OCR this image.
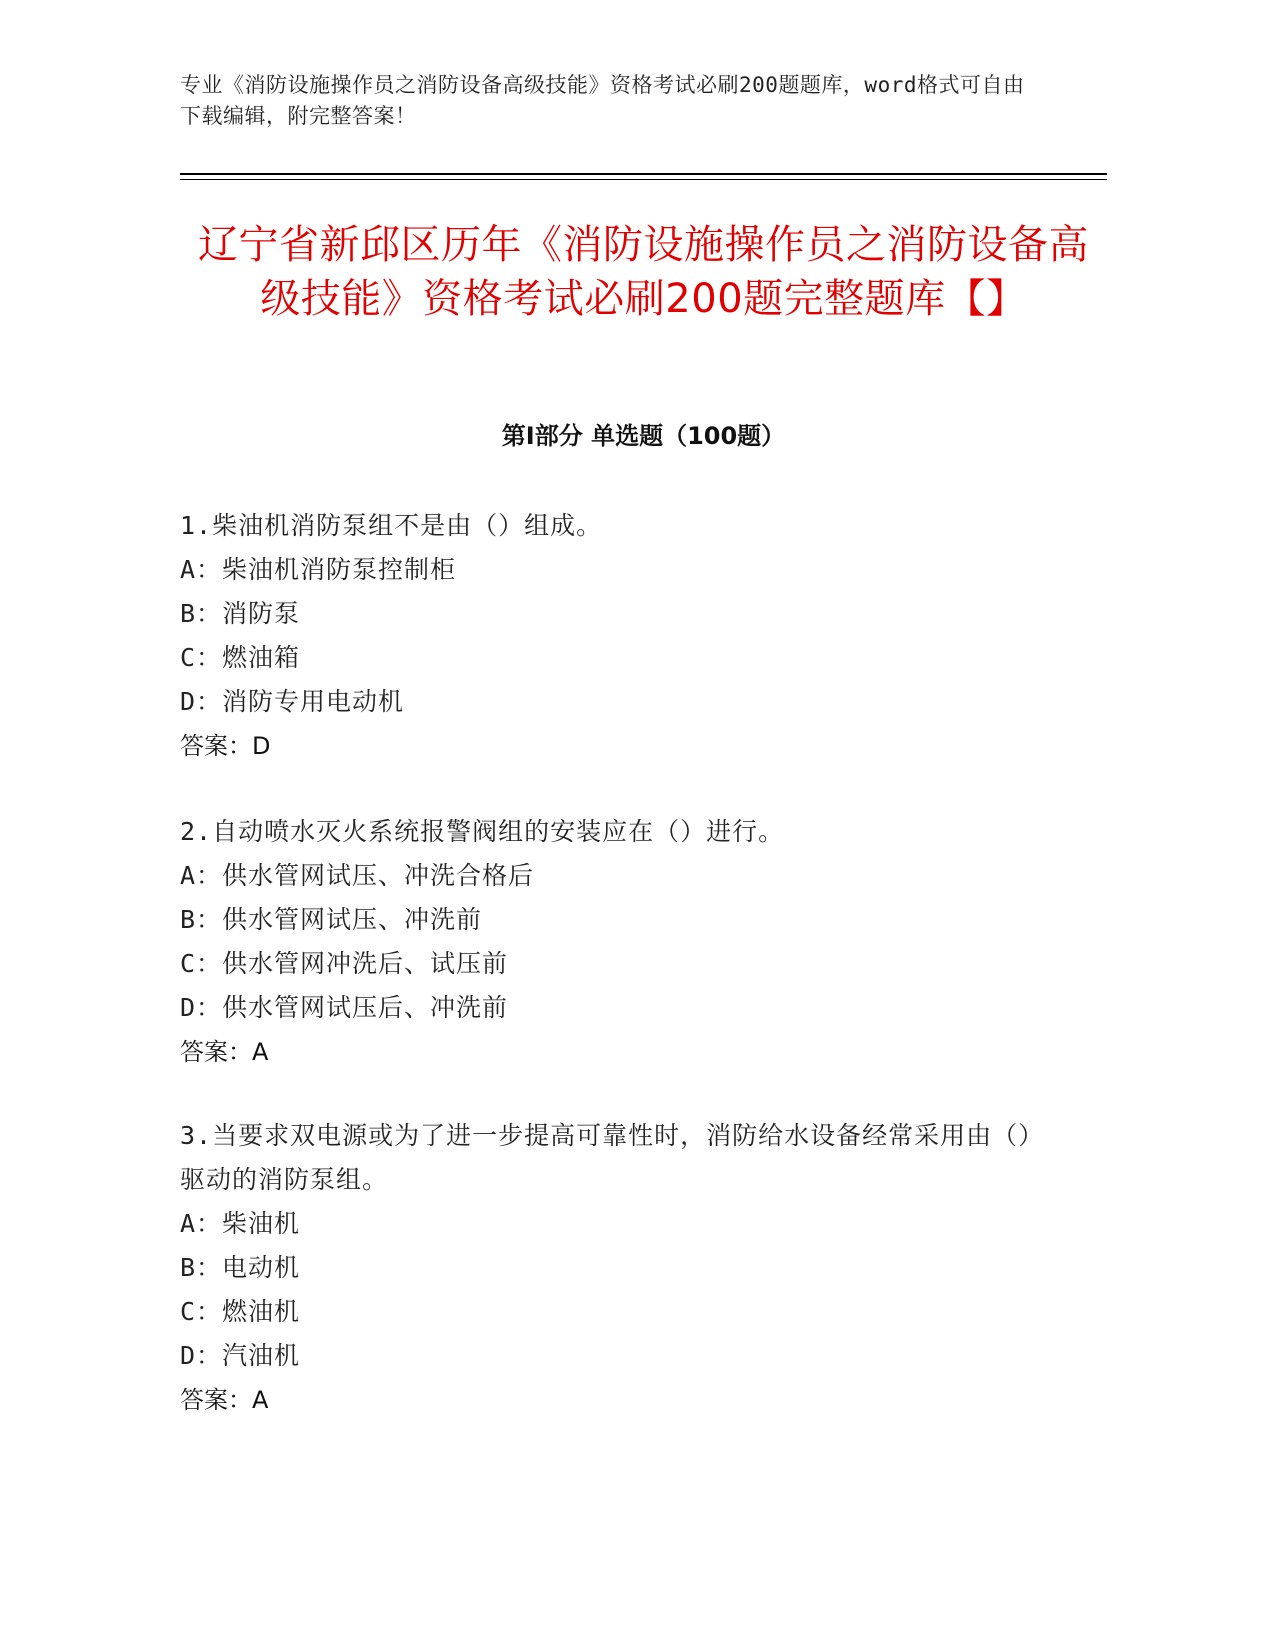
专业《消防设施操作员之消防设备高级技能》资格考试必刷200题题库，word格式可自由下载编辑，附完整答案！
辽宁省新邱区历年《消防设施操作员之消防设备高级技能》资格考试必刷200题完整题库【】
第I部分 单选题（100题）
1.柴油机消防泵组不是由（）组成。
A：柴油机消防泵控制柜
B：消防泵
C：燃油箱
D：消防专用电动机
答案：D
2.自动喷水灭火系统报警阀组的安装应在（）进行。
A：供水管网试压、冲洗合格后
B：供水管网试压、冲洗前
C：供水管网冲洗后、试压前
D：供水管网试压后、冲洗前
答案：A
3.当要求双电源或为了进一步提高可靠性时，消防给水设备经常采用由（）驱动的消防泵组。
A：柴油机
B：电动机
C：燃油机
D：汽油机
答案：A
